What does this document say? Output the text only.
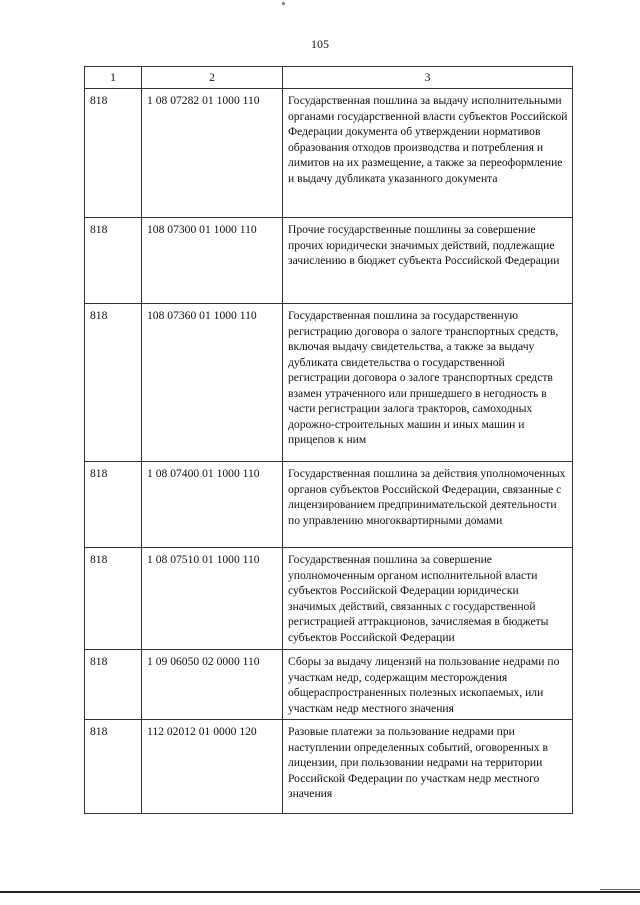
105
1	2	3
818	1 08 07282 01 1000 110	Государственная пошлина за выдачу исполнительными органами государственной власти субъектов Российской Федерации документа об утверждении нормативов образования отходов производства и потребления и лимитов на их размещение, а также за переоформление и выдачу дубликата указанного документа
818	108 07300 01 1000 110	Прочие государственные пошлины за совершение прочих юридически значимых действий, подлежащие зачислению в бюджет субъекта Российской Федерации
818	108 07360 01 1000 110	Государственная пошлина за государственную регистрацию договора о залоге транспортных средств, включая выдачу свидетельства, а также за выдачу дубликата свидетельства о государственной регистрации договора о залоге транспортных средств взамен утраченного или пришедшего в негодность в части регистрации залога тракторов, самоходных дорожно-строительных машин и иных машин и прицепов к ним
818	1 08 07400 01 1000 110	Государственная пошлина за действия уполномоченных органов субъектов Российской Федерации, связанные с лицензированием предпринимательской деятельности по управлению многоквартирными домами
818	1 08 07510 01 1000 110	Государственная пошлина за совершение уполномоченным органом исполнительной власти субъектов Российской Федерации юридически значимых действий, связанных с государственной регистрацией аттракционов, зачисляемая в бюджеты субъектов Российской Федерации
818	1 09 06050 02 0000 110	Сборы за выдачу лицензий на пользование недрами по участкам недр, содержащим месторождения общераспространенных полезных ископаемых, или участкам недр местного значения
818	112 02012 01 0000 120	Разовые платежи за пользование недрами при наступлении определенных событий, оговоренных в лицензии, при пользовании недрами на территории Российской Федерации по участкам недр местного значения
